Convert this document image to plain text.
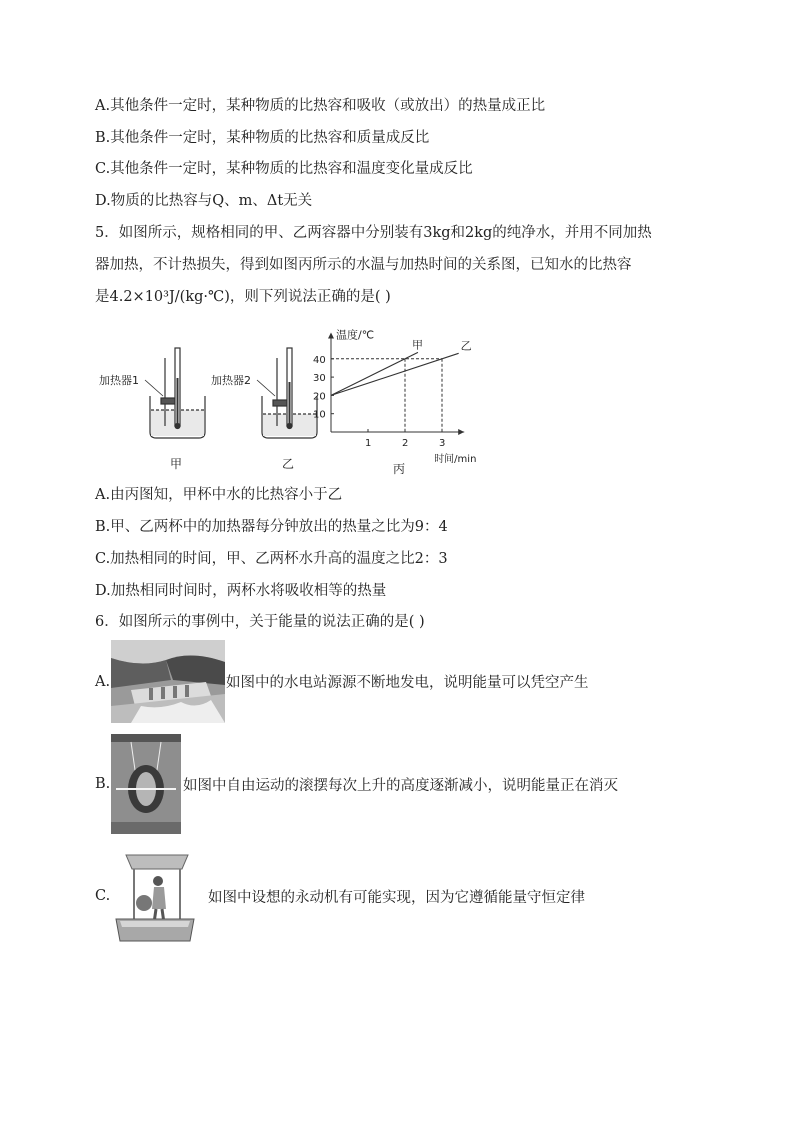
A.其他条件一定时，某种物质的比热容和吸收（或放出）的热量成正比
B.其他条件一定时，某种物质的比热容和质量成反比
C.其他条件一定时，某种物质的比热容和温度变化量成反比
D.物质的比热容与Q、m、Δt无关
5．如图所示，规格相同的甲、乙两容器中分别装有3kg和2kg的纯净水，并用不同加热
器加热，不计热损失，得到如图丙所示的水温与加热时间的关系图，已知水的比热容
是4.2×10³J/(kg·℃)，则下列说法正确的是( )
加热器1
甲
加热器2
乙
温度/℃
时间/min
1	2	3
10
20
30
40
甲	乙
丙
A.由丙图知，甲杯中水的比热容小于乙
B.甲、乙两杯中的加热器每分钟放出的热量之比为9：4
C.加热相同的时间，甲、乙两杯水升高的温度之比2：3
D.加热相同时间时，两杯水将吸收相等的热量
6．如图所示的事例中，关于能量的说法正确的是( )
A.	如图中的水电站源源不断地发电，说明能量可以凭空产生
B.	如图中自由运动的滚摆每次上升的高度逐渐减小，说明能量正在消灭
C.	如图中设想的永动机有可能实现，因为它遵循能量守恒定律
